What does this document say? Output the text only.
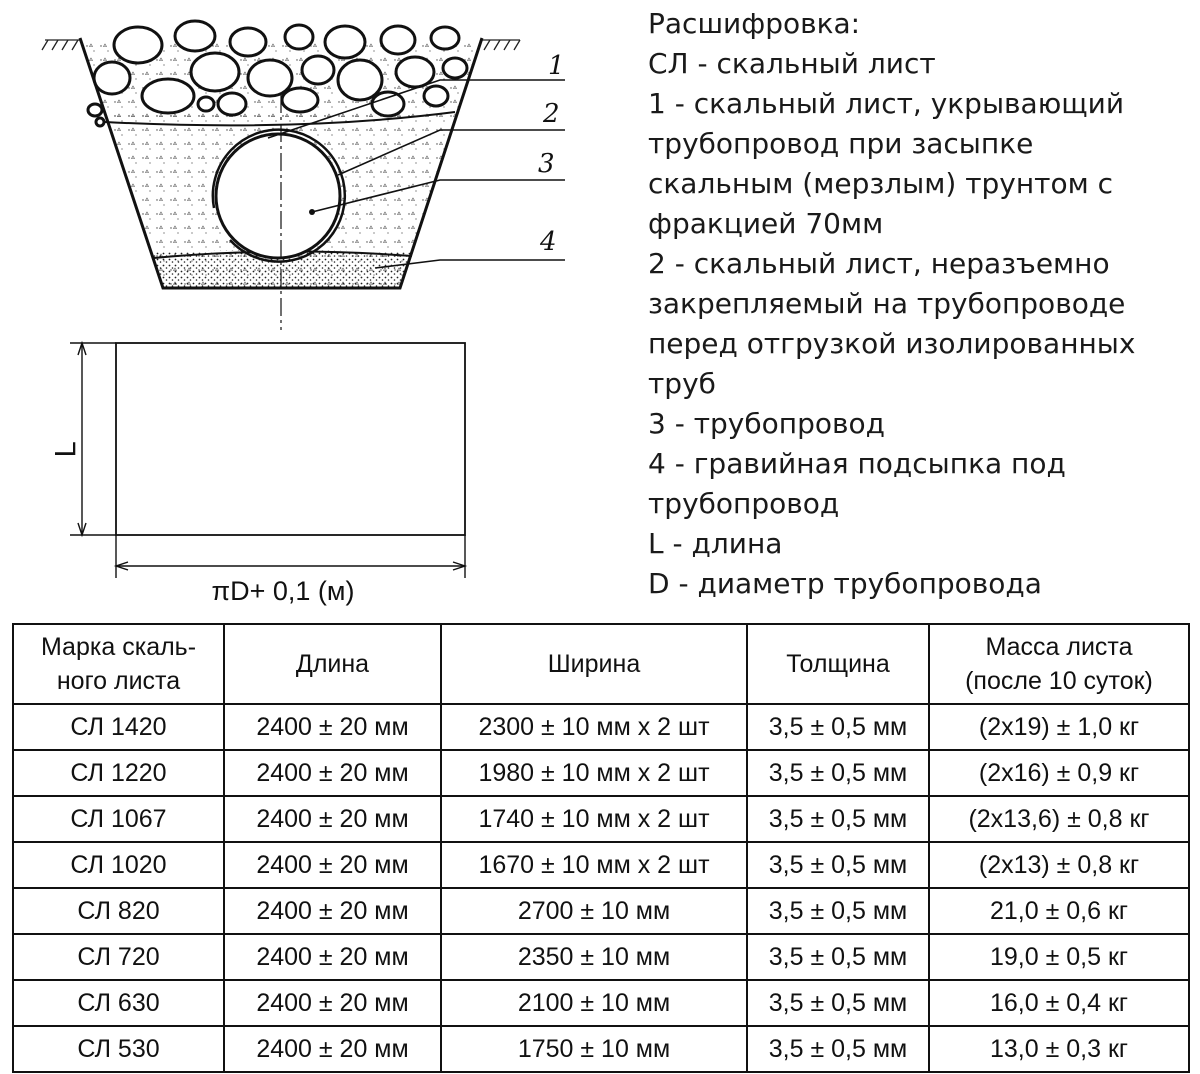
1
2
3
4
L
πD+ 0,1 (м)
Расшифровка:
СЛ - скальный лист
1 - скальный лист, укрывающий
трубопровод при засыпке
скальным (мерзлым) трунтом с
фракцией 70мм
2 - скальный лист, неразъемно
закрепляемый на трубопроводе
перед отгрузкой изолированных
труб
3 - трубопровод
4 - гравийная подсыпка под
трубопровод
L - длина
D - диаметр трубопровода
Марка скаль-
ного листа	Длина	Ширина	Толщина	Масса листа
(после 10 суток)
СЛ 1420	2400 ± 20 мм	2300 ± 10 мм х 2 шт	3,5 ± 0,5 мм	(2х19) ± 1,0 кг
СЛ 1220	2400 ± 20 мм	1980 ± 10 мм х 2 шт	3,5 ± 0,5 мм	(2х16) ± 0,9 кг
СЛ 1067	2400 ± 20 мм	1740 ± 10 мм х 2 шт	3,5 ± 0,5 мм	(2х13,6) ± 0,8 кг
СЛ 1020	2400 ± 20 мм	1670 ± 10 мм х 2 шт	3,5 ± 0,5 мм	(2х13) ± 0,8 кг
СЛ 820	2400 ± 20 мм	2700 ± 10 мм	3,5 ± 0,5 мм	21,0 ± 0,6 кг
СЛ 720	2400 ± 20 мм	2350 ± 10 мм	3,5 ± 0,5 мм	19,0 ± 0,5 кг
СЛ 630	2400 ± 20 мм	2100 ± 10 мм	3,5 ± 0,5 мм	16,0 ± 0,4 кг
СЛ 530	2400 ± 20 мм	1750 ± 10 мм	3,5 ± 0,5 мм	13,0 ± 0,3 кг
